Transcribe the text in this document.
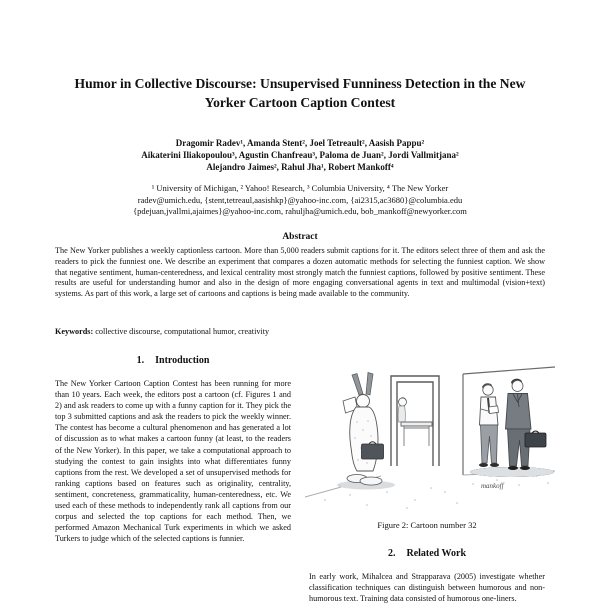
Humor in Collective Discourse: Unsupervised Funniness Detection in the New
Yorker Cartoon Caption Contest
Dragomir Radev¹, Amanda Stent², Joel Tetreault², Aasish Pappu²
Aikaterini Iliakopoulou³, Agustin Chanfreau³, Paloma de Juan², Jordi Vallmitjana²
Alejandro Jaimes², Rahul Jha¹, Robert Mankoff⁴
¹ University of Michigan, ² Yahoo! Research, ³ Columbia University, ⁴ The New Yorker
radev@umich.edu, {stent,tetreaul,aasishkp}@yahoo-inc.com, {ai2315,ac3680}@columbia.edu
{pdejuan,jvallmi,ajaimes}@yahoo-inc.com, rahuljha@umich.edu, bob_mankoff@newyorker.com
Abstract
The New Yorker publishes a weekly captionless cartoon. More than 5,000 readers submit captions for it. The editors select three of them and ask the readers to pick the funniest one. We describe an experiment that compares a dozen automatic methods for selecting the funniest caption. We show that negative sentiment, human-centeredness, and lexical centrality most strongly match the funniest captions, followed by positive sentiment. These results are useful for understanding humor and also in the design of more engaging conversational agents in text and multimodal (vision+text) systems. As part of this work, a large set of cartoons and captions is being made available to the community.
Keywords: collective discourse, computational humor, creativity
1. Introduction

The New Yorker Cartoon Caption Contest has been running for more than 10 years. Each week, the editors post a cartoon (cf. Figures 1 and 2) and ask readers to come up with a funny caption for it. They pick the top 3 submitted captions and ask the readers to pick the weekly winner. The contest has become a cultural phenomenon and has generated a lot of discussion as to what makes a cartoon funny (at least, to the readers of the New Yorker). In this paper, we take a computational approach to studying the contest to gain insights into what differentiates funny captions from the rest. We developed a set of unsupervised methods for ranking captions based on features such as originality, centrality, sentiment, concreteness, grammaticality, human-centeredness, etc. We used each of these methods to independently rank all captions from our corpus and selected the top captions for each method. Then, we performed Amazon Mechanical Turk experiments in which we asked Turkers to judge which of the selected captions is funnier.

mankoff
Figure 2: Cartoon number 32
2. Related Work

In early work, Mihalcea and Strapparava (2005) investigate whether classification techniques can distinguish between humorous and non-humorous text. Training data consisted of humorous one-liners.
